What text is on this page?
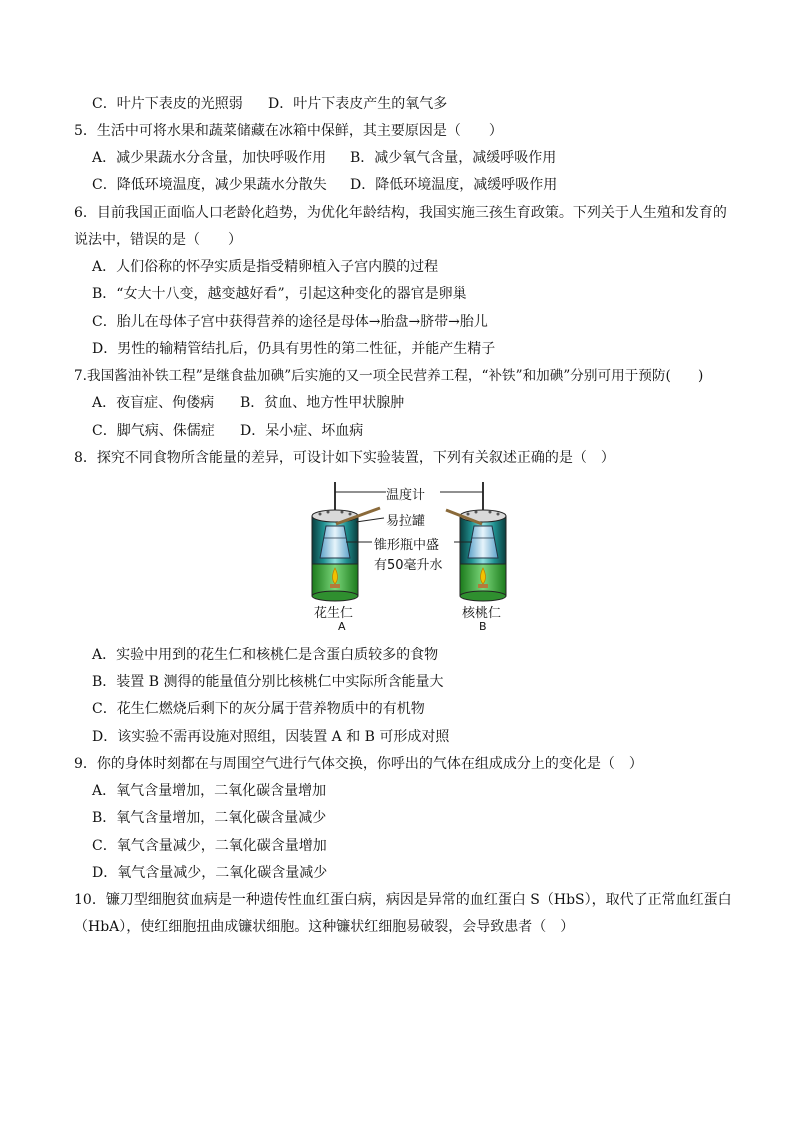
C．叶片下表皮的光照弱 D．叶片下表皮产生的氧气多
5．生活中可将水果和蔬菜储藏在冰箱中保鲜，其主要原因是（　　）
A．减少果蔬水分含量，加快呼吸作用 B．减少氧气含量，减缓呼吸作用
C．降低环境温度，减少果蔬水分散失 D．降低环境温度，减缓呼吸作用
6．目前我国正面临人口老龄化趋势，为优化年龄结构，我国实施三孩生育政策。下列关于人生殖和发育的
说法中，错误的是（　　）
A．人们俗称的怀孕实质是指受精卵植入子宫内膜的过程
B．“女大十八变，越变越好看”，引起这种变化的器官是卵巢
C．胎儿在母体子宫中获得营养的途径是母体→胎盘→脐带→胎儿
D．男性的输精管结扎后，仍具有男性的第二性征，并能产生精子
7.我国酱油补铁工程”是继食盐加碘”后实施的又一项全民营养工程，“补铁”和加碘”分别可用于预防(　　)
A．夜盲症、佝偻病 B．贫血、地方性甲状腺肿
C．脚气病、侏儒症 D．呆小症、坏血病
8．探究不同食物所含能量的差异，可设计如下实验装置，下列有关叙述正确的是（　）
温度计
易拉罐
锥形瓶中盛
有50毫升水
花生仁	核桃仁
A	B
A．实验中用到的花生仁和核桃仁是含蛋白质较多的食物
B．装置 B 测得的能量值分别比核桃仁中实际所含能量大
C．花生仁燃烧后剩下的灰分属于营养物质中的有机物
D．该实验不需再设施对照组，因装置 A 和 B 可形成对照
9．你的身体时刻都在与周围空气进行气体交换，你呼出的气体在组成成分上的变化是（　）
A．氧气含量增加，二氧化碳含量增加
B．氧气含量增加，二氧化碳含量减少
C．氧气含量减少，二氧化碳含量增加
D．氧气含量减少，二氧化碳含量减少
10．镰刀型细胞贫血病是一种遗传性血红蛋白病，病因是异常的血红蛋白 S（HbS），取代了正常血红蛋白
（HbA），使红细胞扭曲成镰状细胞。这种镰状红细胞易破裂，会导致患者（　）
